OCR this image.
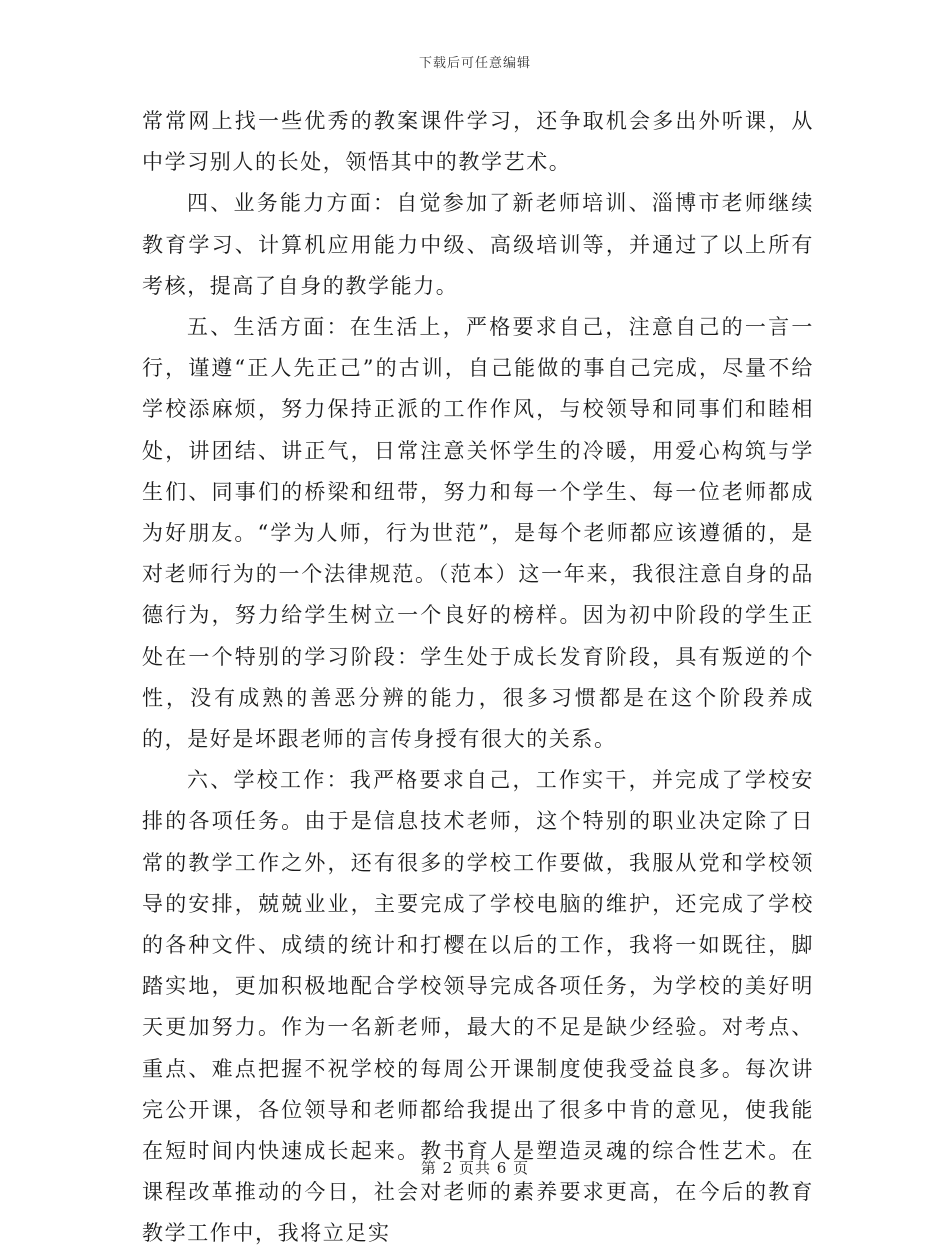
下载后可任意编辑

常常网上找一些优秀的教案课件学习，还争取机会多出外听课，从中学习别人的长处，领悟其中的教学艺术。

四、业务能力方面：自觉参加了新老师培训、淄博市老师继续教育学习、计算机应用能力中级、高级培训等，并通过了以上所有考核，提高了自身的教学能力。

五、生活方面：在生活上，严格要求自己，注意自己的一言一行，谨遵“正人先正己”的古训，自己能做的事自己完成，尽量不给学校添麻烦，努力保持正派的工作作风，与校领导和同事们和睦相处，讲团结、讲正气，日常注意关怀学生的冷暖，用爱心构筑与学生们、同事们的桥梁和纽带，努力和每一个学生、每一位老师都成为好朋友。“学为人师，行为世范”，是每个老师都应该遵循的，是对老师行为的一个法律规范。（范本）这一年来，我很注意自身的品德行为，努力给学生树立一个良好的榜样。因为初中阶段的学生正处在一个特别的学习阶段：学生处于成长发育阶段，具有叛逆的个性，没有成熟的善恶分辨的能力，很多习惯都是在这个阶段养成的，是好是坏跟老师的言传身授有很大的关系。

六、学校工作：我严格要求自己，工作实干，并完成了学校安排的各项任务。由于是信息技术老师，这个特别的职业决定除了日常的教学工作之外，还有很多的学校工作要做，我服从党和学校领导的安排，兢兢业业，主要完成了学校电脑的维护，还完成了学校的各种文件、成绩的统计和打樱在以后的工作，我将一如既往，脚踏实地，更加积极地配合学校领导完成各项任务，为学校的美好明天更加努力。作为一名新老师，最大的不足是缺少经验。对考点、重点、难点把握不祝学校的每周公开课制度使我受益良多。每次讲完公开课，各位领导和老师都给我提出了很多中肯的意见，使我能在短时间内快速成长起来。教书育人是塑造灵魂的综合性艺术。在课程改革推动的今日，社会对老师的素养要求更高，在今后的教育教学工作中，我将立足实

第 2 页共 6 页
